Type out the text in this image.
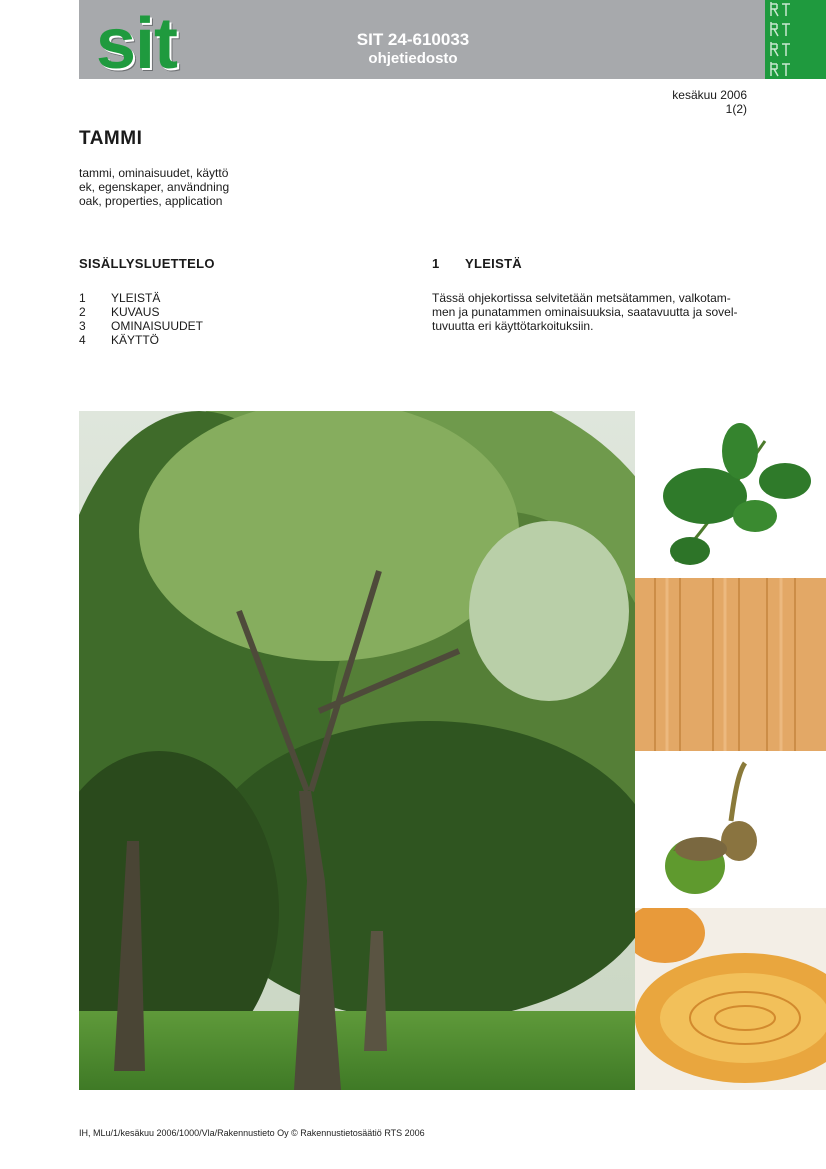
sit	SIT 24-610033
ohjetiedosto
kesäkuu 2006
1(2)
TAMMI
tammi, ominaisuudet, käyttö
ek, egenskaper, användning
oak, properties, application
SISÄLLYSLUETTELO
1 YLEISTÄ
2 KUVAUS
3 OMINAISUUDET
4 KÄYTTÖ
1 YLEISTÄ
Tässä ohjekortissa selvitetään metsätammen, valkotam-
men ja punatammen ominaisuuksia, saatavuutta ja sovel-
tuvuutta eri käyttötarkoituksiin.
IH, MLu/1/kesäkuu 2006/1000/Vla/Rakennustieto Oy © Rakennustietosäätiö RTS 2006
